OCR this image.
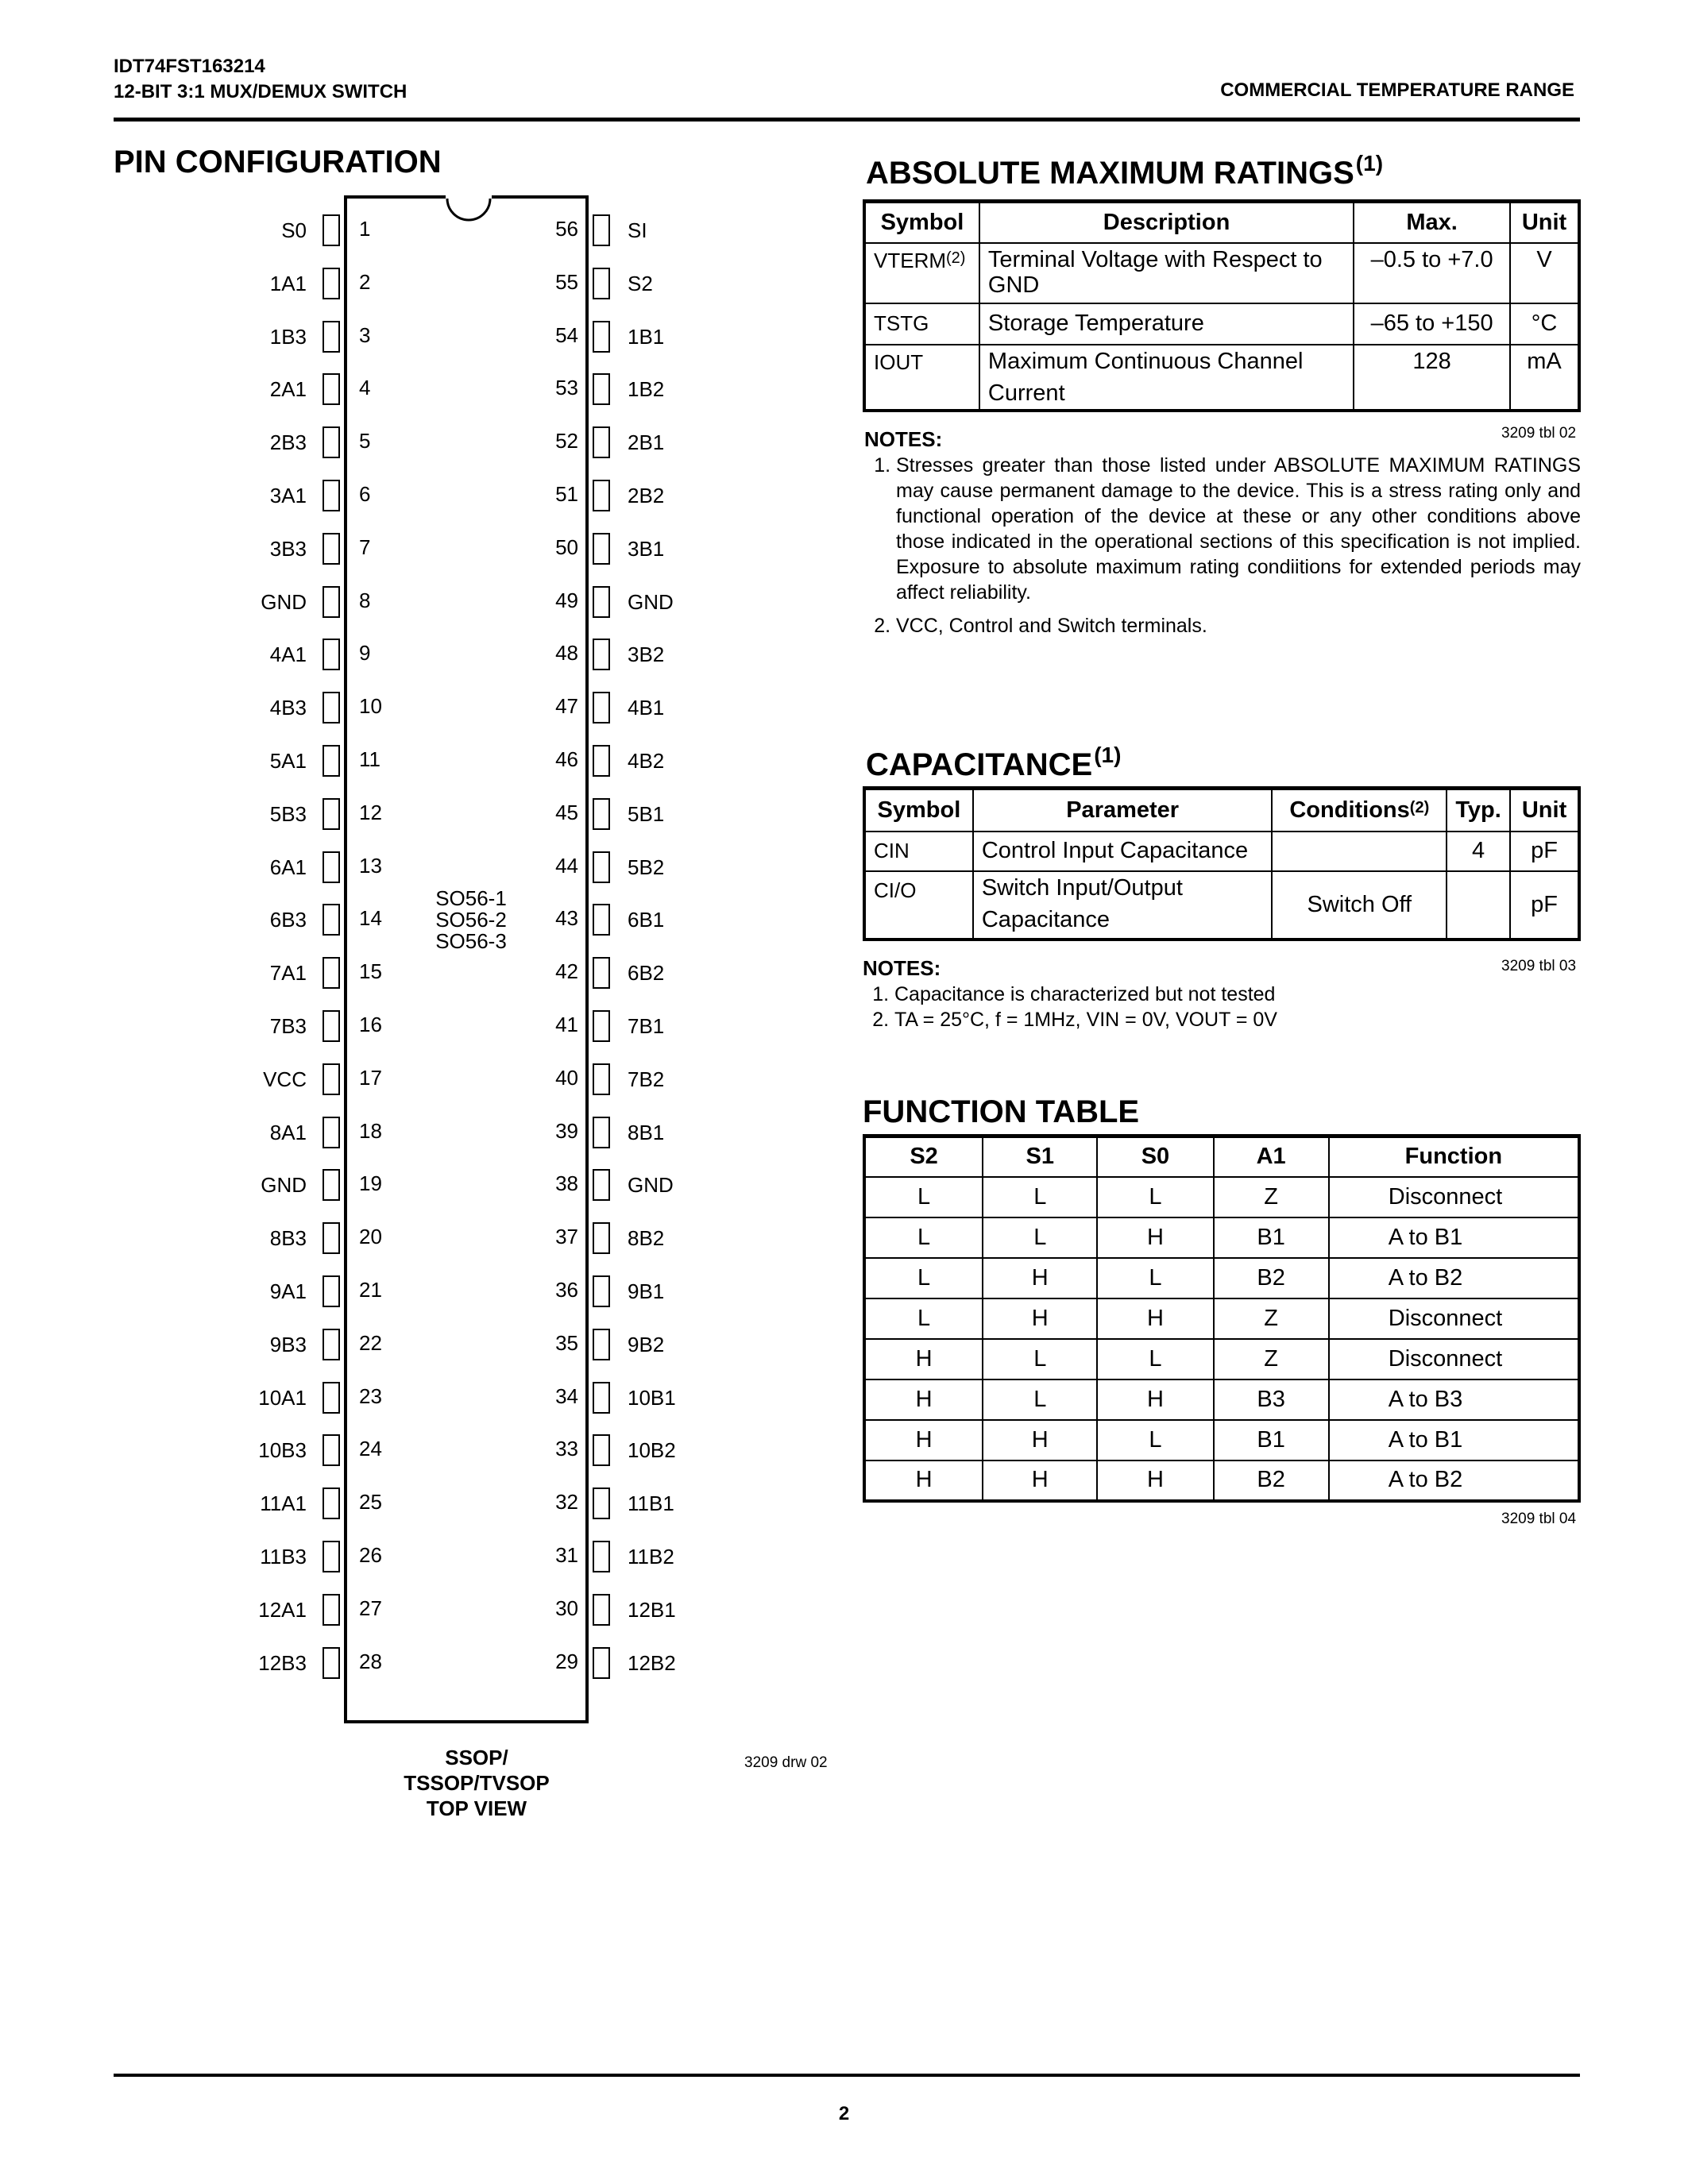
IDT74FST163214
12-BIT 3:1 MUX/DEMUX SWITCH	COMMERCIAL TEMPERATURE RANGE
PIN CONFIGURATION
S0	1	56 SI
1A1	2	55 S2
1B3	3	54 1B1
2A1	4	53 1B2
2B3	5	52 2B1
3A1	6	51 2B2
3B3	7	50 3B1
GND	8	49 GND
4A1	9	48 3B2
4B3	10	47 4B1
5A1	11	46 4B2
5B3	12	45 5B1
6A1	13	44 5B2
6B3	14	43 6B1
7A1	15	42 6B2
7B3	16	41 7B1
VCC	17	40 7B2
8A1	18	39 8B1
GND	19	38 GND
8B3	20	37 8B2
9A1	21	36 9B1
9B3	22	35 9B2
10A1	23	34 10B1
10B3	24	33 10B2
11A1	25	32 11B1
11B3	26	31 11B2
12A1	27	30 12B1
12B3	28	29 12B2
SO56-1
SO56-2
SO56-3
SSOP/
TSSOP/TVSOP
TOP VIEW
3209 drw 02
ABSOLUTE MAXIMUM RATINGS$^{(1)}$
Symbol	Description	Max.	Unit
VTERM$^{(2)}$	Terminal Voltage with Respect to GND	–0.5 to +7.0	V
TSTG	Storage Temperature	–65 to +150	°C
IOUT	Maximum Continuous Channel Current	128	mA
NOTES:	3209 tbl 02
1. Stresses greater than those listed under ABSOLUTE MAXIMUM RATINGS may cause permanent damage to the device. This is a stress rating only and functional operation of the device at these or any other conditions above those indicated in the operational sections of this specification is not implied. Exposure to absolute maximum rating condiitions for extended periods may affect reliability.
2. VCC, Control and Switch terminals.
CAPACITANCE$^{(1)}$
Symbol	Parameter	Conditions$^{(2)}$	Typ.	Unit
CIN	Control Input Capacitance		4	pF
CI/O	Switch Input/Output Capacitance	Switch Off		pF
NOTES:	3209 tbl 03
1. Capacitance is characterized but not tested
2. TA = 25°C, f = 1MHz, VIN = 0V, VOUT = 0V
FUNCTION TABLE
S2	S1	S0	A1	Function
L	L	L	Z	Disconnect
L	L	H	B1	A to B1
L	H	L	B2	A to B2
L	H	H	Z	Disconnect
H	L	L	Z	Disconnect
H	L	H	B3	A to B3
H	H	L	B1	A to B1
H	H	H	B2	A to B2
3209 tbl 04
2
